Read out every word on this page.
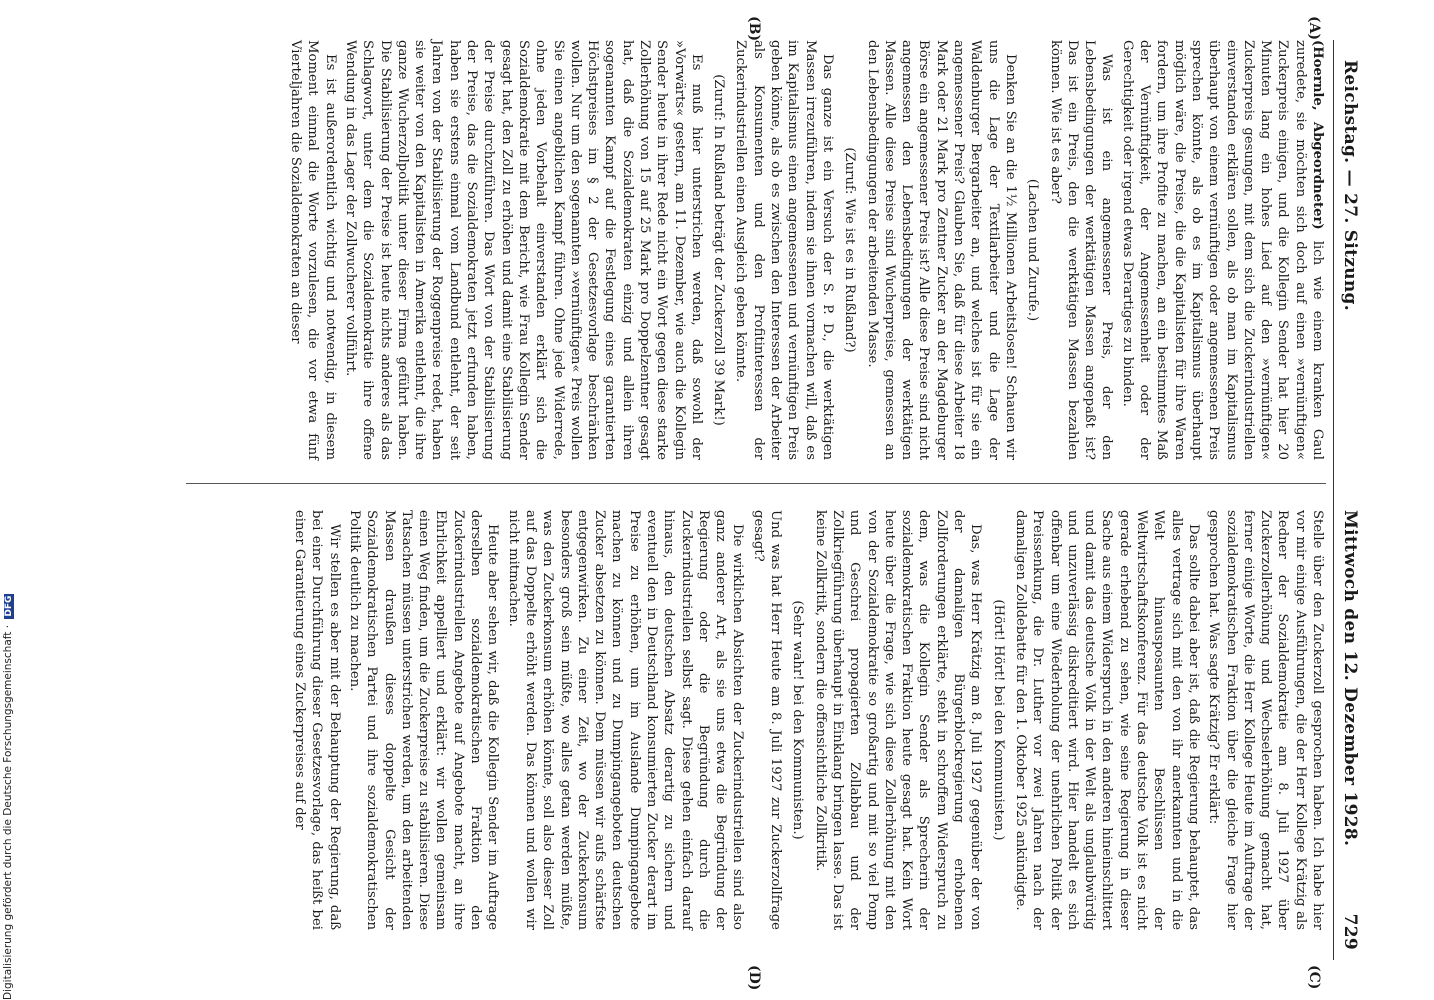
Reichstag. — 27. Sitzung.
Mittwoch den 12. Dezember 1928.
729
(A)
(B)
(C)
(D)

(Hoernle, Abgeordneter) lich wie einem kranken Gaul zuredete, sie möchten sich doch auf einen »vernünftigen« Zuckerpreis einigen, und die Kollegin Sender hat hier 20 Minuten lang ein hohes Lied auf den »vernünftigen« Zuckerpreis gesungen, mit dem sich die Zuckerindustriellen einverstanden erklären sollen, als ob man im Kapitalismus überhaupt von einem vernünftigen oder angemessenen Preis sprechen könnte, als ob es im Kapitalismus überhaupt möglich wäre, die Preise, die die Kapitalisten für ihre Waren fordern, um ihre Profite zu machen, an ein bestimmtes Maß der Vernünftigkeit, der Angemessenheit oder der Gerechtigkeit oder irgend etwas Derartiges zu binden.

Was ist ein angemessener Preis, der den Lebensbedingungen der werktätigen Massen angepaßt ist? Das ist ein Preis, den die werktätigen Massen bezahlen können. Wie ist es aber?

(Lachen und Zurufe.)

Denken Sie an die 1½ Millionen Arbeitslosen! Schauen wir uns die Lage der Textilarbeiter und die Lage der Waldenburger Bergarbeiter an, und welches ist für sie ein angemessener Preis? Glauben Sie, daß für diese Arbeiter 18 Mark oder 21 Mark pro Zentner Zucker an der Magdeburger Börse ein angemessener Preis ist? Alle diese Preise sind nicht angemessen den Lebensbedingungen der werktätigen Massen. Alle diese Preise sind Wucherpreise, gemessen an den Lebensbedingungen der arbeitenden Masse.

(Zuruf: Wie ist es in Rußland?)

Das ganze ist ein Versuch der S. P. D., die werktätigen Massen irrezuführen, indem sie ihnen vormachen will, daß es im Kapitalismus einen angemessenen und vernünftigen Preis geben könne, als ob es zwischen den Interessen der Arbeiter als Konsumenten und den Profitinteressen der Zuckerindustriellen einen Ausgleich geben könnte.

(Zuruf: In Rußland beträgt der Zuckerzoll 39 Mark!)

Es muß hier unterstrichen werden, daß sowohl der »Vorwärts« gestern, am 11. Dezember, wie auch die Kollegin Sender heute in ihrer Rede nicht ein Wort gegen diese starke Zollerhöhung von 15 auf 25 Mark pro Doppelzentner gesagt hat, daß die Sozialdemokraten einzig und allein ihren sogenannten Kampf auf die Festlegung eines garantierten Höchstpreises im § 2 der Gesetzesvorlage beschränken wollen. Nur um den sogenannten »vernünftigen« Preis wollen Sie einen angeblichen Kampf führen. Ohne jede Widerrede, ohne jeden Vorbehalt einverstanden erklärt sich die Sozialdemokratie mit dem Bericht, wie Frau Kollegin Sender gesagt hat, den Zoll zu erhöhen und damit eine Stabilisierung der Preise durchzuführen. Das Wort von der Stabilisierung der Preise, das die Sozialdemokraten jetzt erfunden haben, haben sie erstens einmal vom Landbund entlehnt, der seit Jahren von der Stabilisierung der Roggenpreise redet, haben sie weiter von den Kapitalisten in Amerika entlehnt, die ihre ganze Wucherzollpolitik unter dieser Firma geführt haben. Die Stabilisierung der Preise ist heute nichts anderes als das Schlagwort, unter dem die Sozialdemokratie ihre offene Wendung in das Lager der Zollwucherer vollführt.

Es ist außerordentlich wichtig und notwendig, in diesem Moment einmal die Worte vorzulesen, die vor etwa fünf Vierteljahren die Sozialdemokraten an dieser

Stelle über den Zuckerzoll gesprochen haben. Ich habe hier vor mir einige Ausführungen, die der Herr Kollege Krätzig als Redner der Sozialdemokratie am 8. Juli 1927 über Zuckerzollerhöhung und Wechselerhöhung gemacht hat, ferner einige Worte, die Herr Kollege Heute im Auftrage der sozialdemokratischen Fraktion über die gleiche Frage hier gesprochen hat. Was sagte Krätzig? Er erklärt:

Das sollte dabei aber ist, daß die Regierung behauptet, das alles vertrage sich mit den von ihr anerkannten und in die Welt hinausposaunten Beschlüssen der Weltwirtschaftskonferenz. Für das deutsche Volk ist es nicht gerade erhebend zu sehen, wie seine Regierung in dieser Sache aus einem Widerspruch in den anderen hineinschlittert und damit das deutsche Volk in der Welt als unglaubwürdig und unzuverlässig diskreditiert wird. Hier handelt es sich offenbar um eine Wiederholung der unehrlichen Politik der Preissenkung, die Dr. Luther vor zwei Jahren nach der damaligen Zolldebatte für den 1. Oktober 1925 ankündigte.

(Hört! Hört! bei den Kommunisten.)

Das, was Herr Krätzig am 8. Juli 1927 gegenüber der von der damaligen Bürgerblockregierung erhobenen Zollforderungen erklärte, steht in schroffem Widerspruch zu dem, was die Kollegin Sender als Sprecherin der sozialdemokratischen Fraktion heute gesagt hat. Kein Wort heute über die Frage, wie sich diese Zollerhöhung mit den von der Sozialdemokratie so großartig und mit so viel Pomp und Geschrei propagierten Zollabbau und der Zollkriegführung überhaupt in Einklang bringen lasse. Das ist keine Zollkritik, sondern die offensichtliche Zollkritik.

(Sehr wahr! bei den Kommunisten.)

Und was hat Herr Heute am 8. Juli 1927 zur Zuckerzollfrage gesagt?

Die wirklichen Absichten der Zuckerindustriellen sind also ganz anderer Art, als sie uns etwa die Begründung der Regierung oder die Begründung durch die Zuckerindustriellen selbst sagt. Diese gehen einfach darauf hinaus, den deutschen Absatz derartig zu sichern und eventuell den in Deutschland konsumierten Zucker derart im Preise zu erhöhen, um im Auslande Dumpingangebote machen zu können und zu Dumpingangeboten deutschen Zucker absetzen zu können. Dem müssen wir aufs schärfste entgegenwirken. Zu einer Zeit, wo der Zuckerkonsum besonders groß sein müßte, wo alles getan werden müßte, was den Zuckerkonsum erhöhen könnte, soll also dieser Zoll auf das Doppelte erhöht werden. Das können und wollen wir nicht mitmachen.

Heute aber sehen wir, daß die Kollegin Sender im Auftrage derselben sozialdemokratischen Fraktion den Zuckerindustriellen Angebote auf Angebote macht, an ihre Ehrlichkeit appelliert und erklärt: wir wollen gemeinsam einen Weg finden, um die Zuckerpreise zu stabilisieren. Diese Tatsachen müssen unterstrichen werden, um den arbeitenden Massen draußen dieses doppelte Gesicht der Sozialdemokratischen Partei und ihre sozialdemokratischen Politik deutlich zu machen.

Wir stellen es aber mit der Behauptung der Regierung, daß bei einer Durchführung dieser Gesetzesvorlage, das heißt bei einer Garantierung eines Zuckerpreises auf der

Digitalisierung gefördert durch die Deutsche Forschungsgemeinschaft · DFG
